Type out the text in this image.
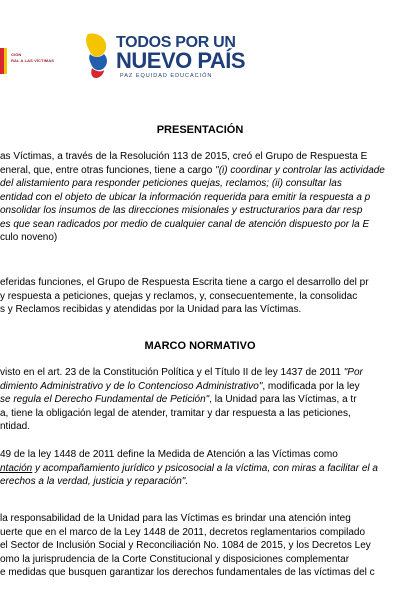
CIÓN
RAL A LAS VÍCTIMAS
TODOS POR UN
NUEVO PAÍS
PAZ EQUIDAD EDUCACIÓN
PRESENTACIÓN
as Víctimas, a través de la Resolución 113 de 2015, creó el Grupo de Respuesta E
eneral, que, entre otras funciones, tiene a cargo "(i) coordinar y controlar las actividade
del alistamiento para responder peticiones quejas, reclamos; (ii) consultar las
entidad con el objeto de ubicar la información requerida para emitir la respuesta a p
onsolidar los insumos de las direcciones misionales y estructurarios para dar resp
es que sean radicados por medio de cualquier canal de atención dispuesto por la E
culo noveno)
eferidas funciones, el Grupo de Respuesta Escrita tiene a cargo el desarrollo del pr
y respuesta a peticiones, quejas y reclamos, y, consecuentemente, la consolidac
s y Reclamos recibidas y atendidas por la Unidad para las Víctimas.
MARCO NORMATIVO
visto en el art. 23 de la Constitución Política y el Título II de ley 1437 de 2011 "Por
dimiento Administrativo y de lo Contencioso Administrativo", modificada por la ley
se regula el Derecho Fundamental de Petición", la Unidad para las Víctimas, a tr
a, tiene la obligación legal de atender, tramitar y dar respuesta a las peticiones,
ntidad.
49 de la ley 1448 de 2011 define la Medida de Atención a las Víctimas como
ntación y acompañamiento jurídico y psicosocial a la víctima, con miras a facilitar el a
erechos a la verdad, justicia y reparación".
la responsabilidad de la Unidad para las Víctimas es brindar una atención integ
uerte que en el marco de la Ley 1448 de 2011, decretos reglamentarios compilado
el Sector de Inclusión Social y Reconciliación No. 1084 de 2015, y los Decretos Ley
omo la jurisprudencia de la Corte Constitucional y disposiciones complementar
e medidas que busquen garantizar los derechos fundamentales de las víctimas del c
